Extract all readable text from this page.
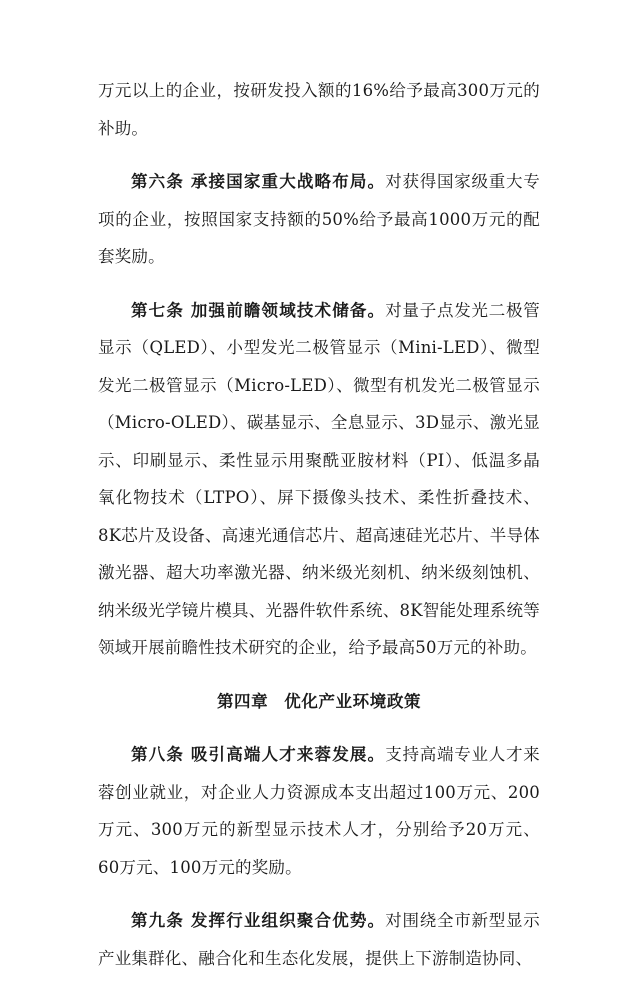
万元以上的企业，按研发投入额的16%给予最高300万元的补助。

第六条 承接国家重大战略布局。对获得国家级重大专项的企业，按照国家支持额的50%给予最高1000万元的配套奖励。

第七条 加强前瞻领域技术储备。对量子点发光二极管显示（QLED）、小型发光二极管显示（Mini-LED）、微型发光二极管显示（Micro-LED）、微型有机发光二极管显示（Micro-OLED）、碳基显示、全息显示、3D显示、激光显示、印刷显示、柔性显示用聚酰亚胺材料（PI）、低温多晶氧化物技术（LTPO）、屏下摄像头技术、柔性折叠技术、8K芯片及设备、高速光通信芯片、超高速硅光芯片、半导体激光器、超大功率激光器、纳米级光刻机、纳米级刻蚀机、纳米级光学镜片模具、光器件软件系统、8K智能处理系统等领域开展前瞻性技术研究的企业，给予最高50万元的补助。

第四章 优化产业环境政策

第八条 吸引高端人才来蓉发展。支持高端专业人才来蓉创业就业，对企业人力资源成本支出超过100万元、200万元、300万元的新型显示技术人才，分别给予20万元、60万元、100万元的奖励。

第九条 发挥行业组织聚合优势。对围绕全市新型显示产业集群化、融合化和生态化发展，提供上下游制造协同、
